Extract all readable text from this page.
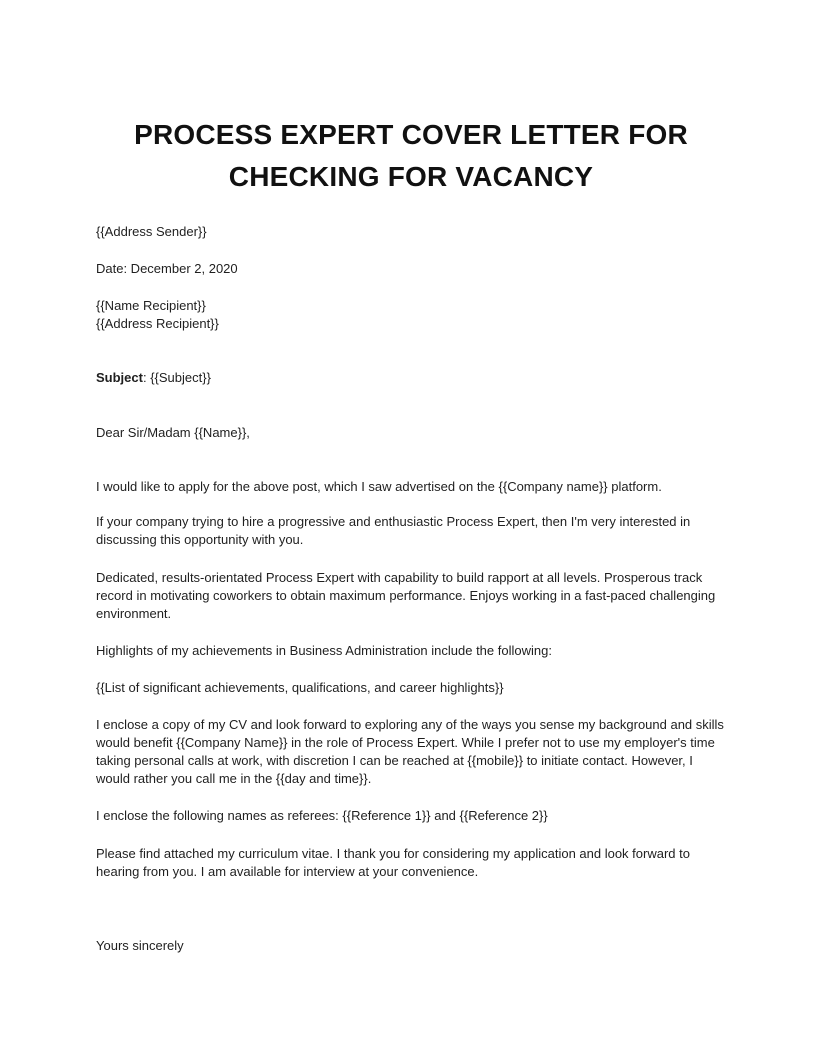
PROCESS EXPERT COVER LETTER FOR
CHECKING FOR VACANCY

{{Address Sender}}

Date: December 2, 2020

{{Name Recipient}}

{{Address Recipient}}

Subject: {{Subject}}

Dear Sir/Madam {{Name}},

I would like to apply for the above post, which I saw advertised on the {{Company name}} platform.

If your company trying to hire a progressive and enthusiastic Process Expert, then I'm very interested in discussing this opportunity with you.

Dedicated, results-orientated Process Expert with capability to build rapport at all levels. Prosperous track record in motivating coworkers to obtain maximum performance. Enjoys working in a fast-paced challenging environment.

Highlights of my achievements in Business Administration include the following:

{{List of significant achievements, qualifications, and career highlights}}

I enclose a copy of my CV and look forward to exploring any of the ways you sense my background and skills would benefit {{Company Name}} in the role of Process Expert. While I prefer not to use my employer's time taking personal calls at work, with discretion I can be reached at {{mobile}} to initiate contact. However, I would rather you call me in the {{day and time}}.

I enclose the following names as referees: {{Reference 1}} and {{Reference 2}}

Please find attached my curriculum vitae. I thank you for considering my application and look forward to hearing from you. I am available for interview at your convenience.

Yours sincerely
